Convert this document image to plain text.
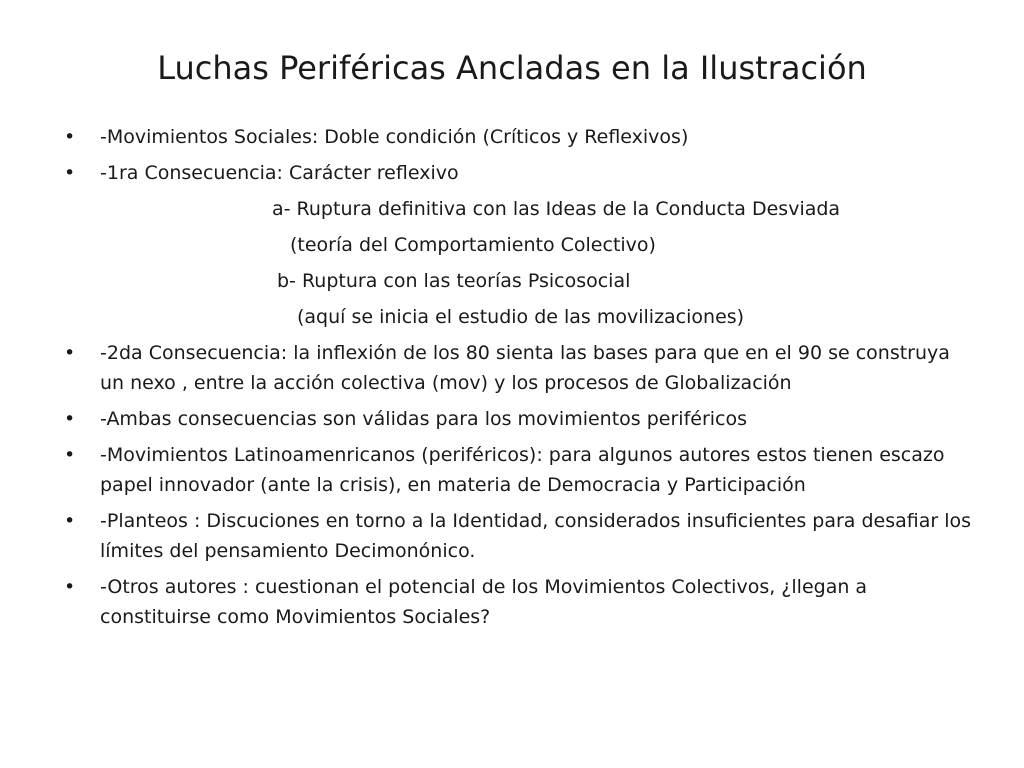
Luchas Periféricas Ancladas en la Ilustración
• -Movimientos Sociales: Doble condición (Críticos y Reflexivos)
• -1ra Consecuencia: Carácter reflexivo
a- Ruptura definitiva con las Ideas de la Conducta Desviada
(teoría del Comportamiento Colectivo)
b- Ruptura con las teorías Psicosocial
(aquí se inicia el estudio de las movilizaciones)
• -2da Consecuencia: la inflexión de los 80 sienta las bases para que en el 90 se construya un nexo , entre la acción colectiva (mov) y los procesos de Globalización
• -Ambas consecuencias son válidas para los movimientos periféricos
• -Movimientos Latinoamenricanos (periféricos): para algunos autores estos tienen escazo papel innovador (ante la crisis), en materia de Democracia y Participación
• -Planteos : Discuciones en torno a la Identidad, considerados insuficientes para desafiar los límites del pensamiento Decimonónico.
• -Otros autores : cuestionan el potencial de los Movimientos Colectivos, ¿llegan a constituirse como Movimientos Sociales?
